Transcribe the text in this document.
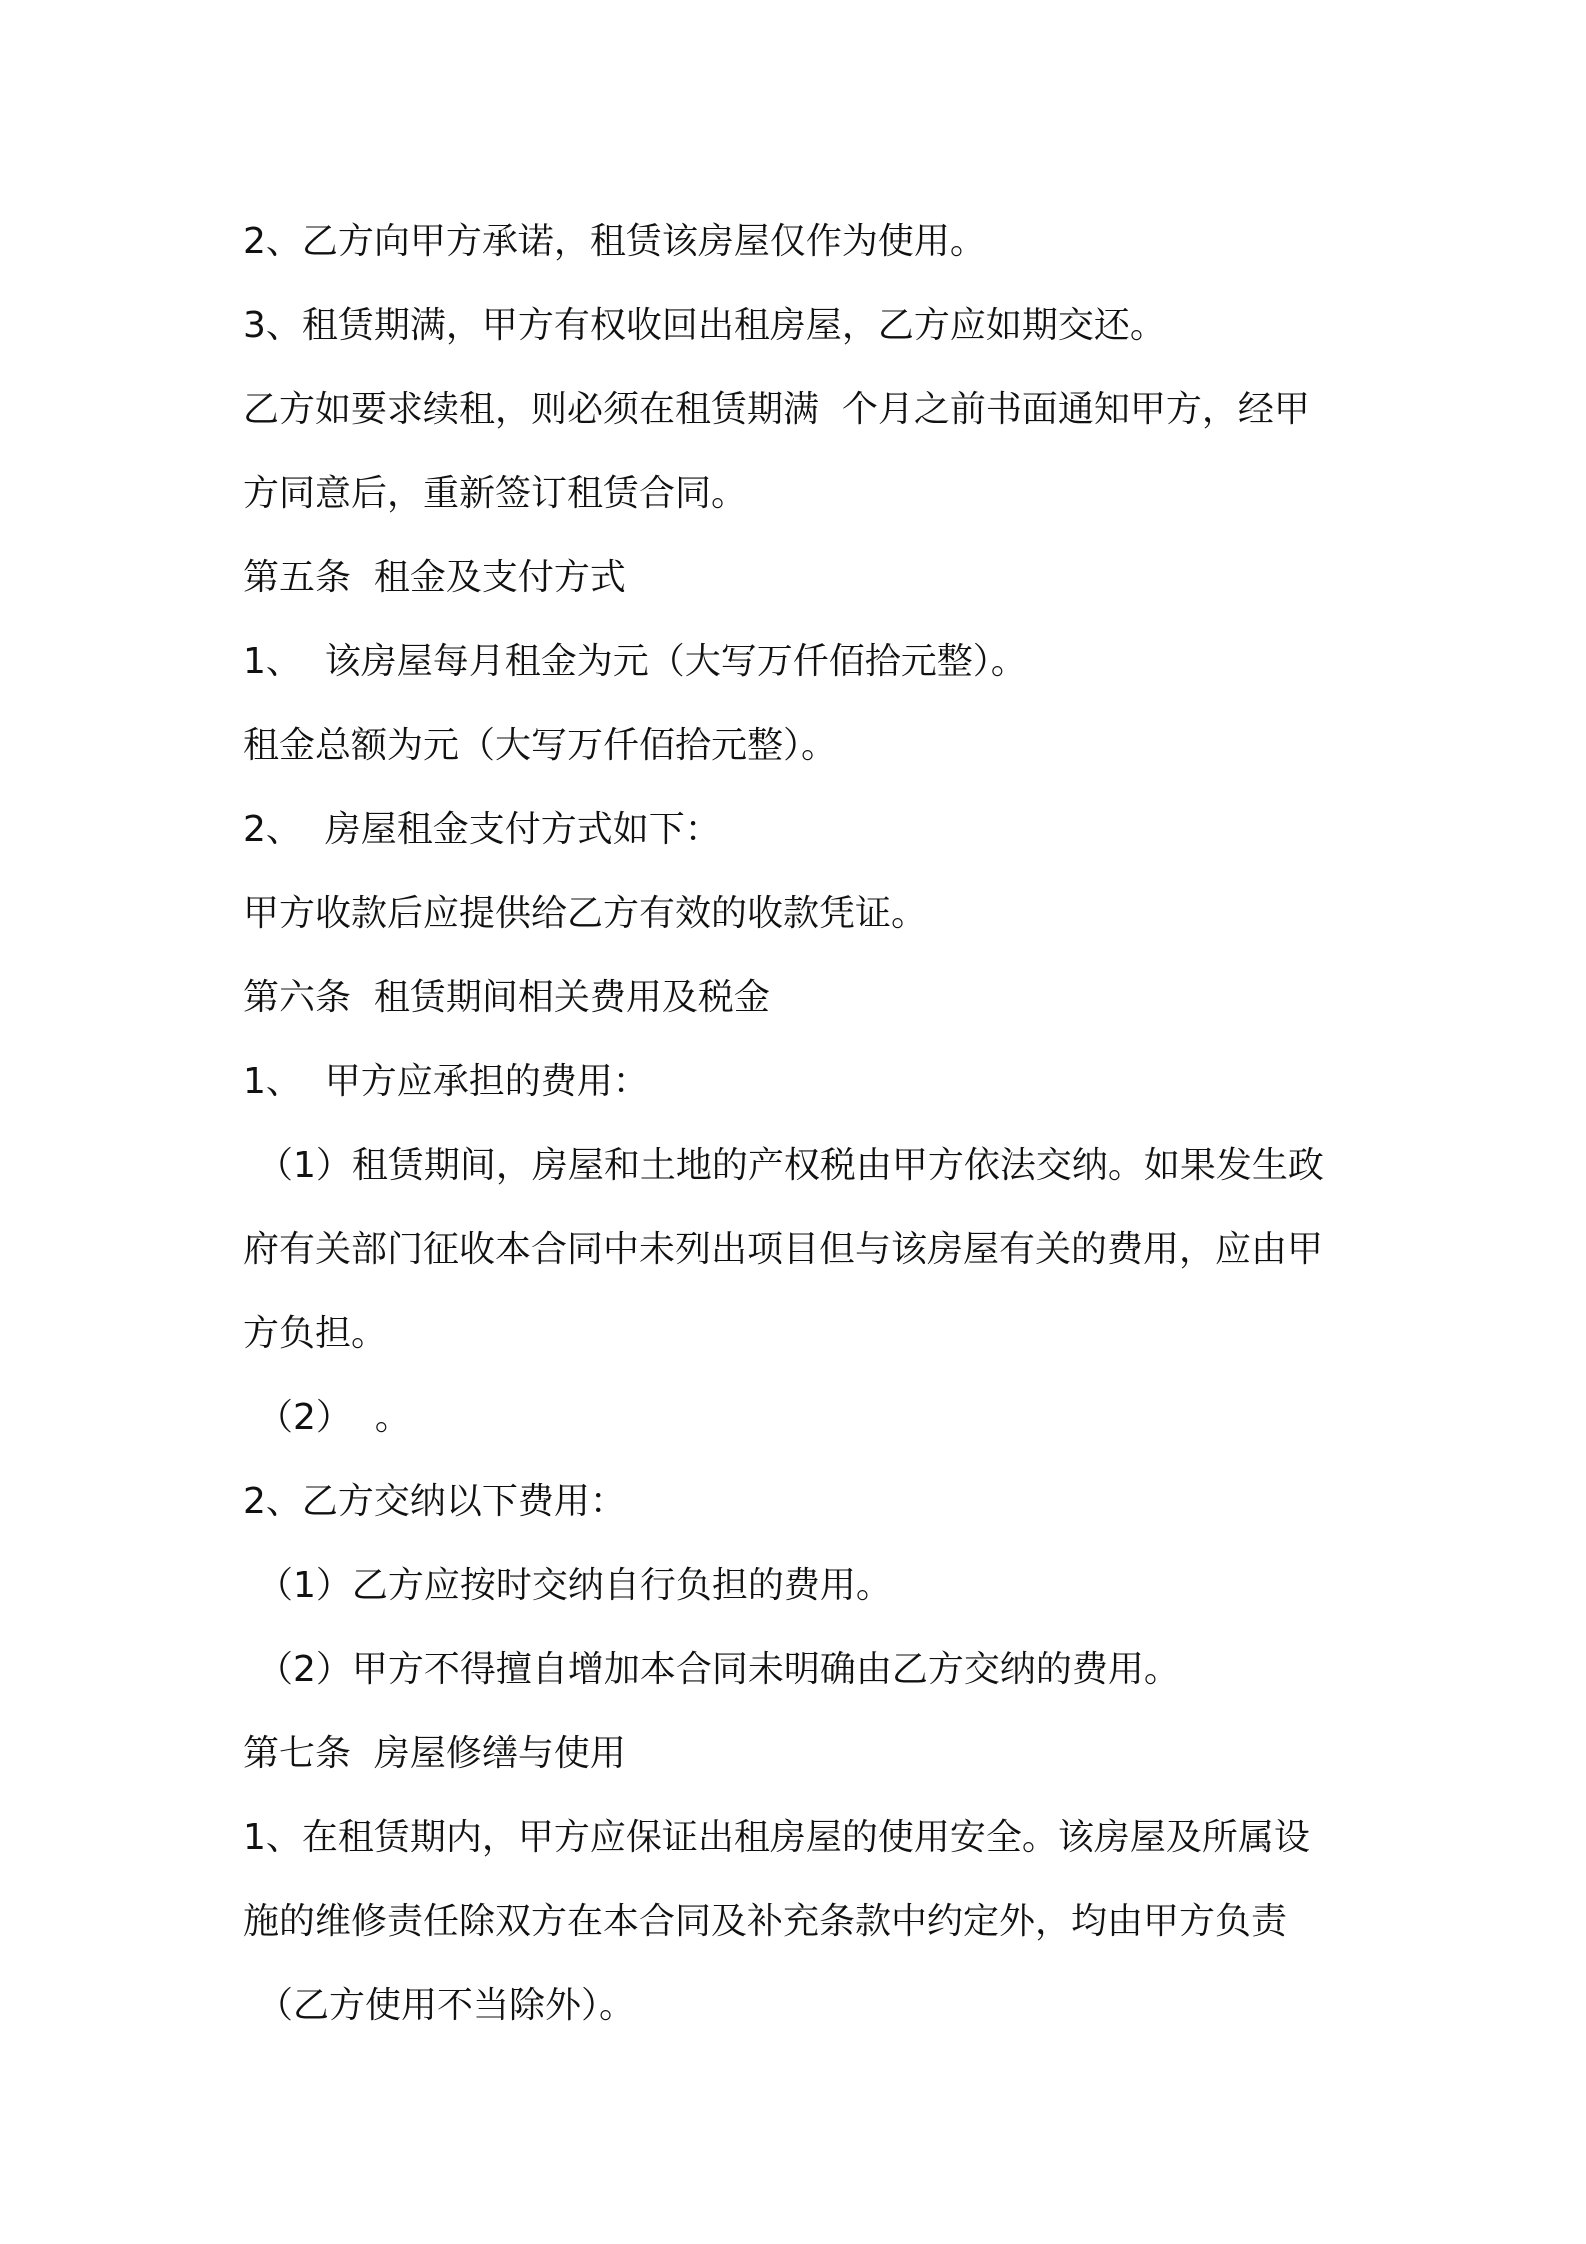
2、乙方向甲方承诺，租赁该房屋仅作为使用。

3、租赁期满，甲方有权收回出租房屋，乙方应如期交还。

乙方如要求续租，则必须在租赁期满  个月之前书面通知甲方，经甲

方同意后，重新签订租赁合同。

第五条  租金及支付方式

1、  该房屋每月租金为元（大写万仟佰拾元整）。

租金总额为元（大写万仟佰拾元整）。

2、  房屋租金支付方式如下：

甲方收款后应提供给乙方有效的收款凭证。

第六条  租赁期间相关费用及税金

1、  甲方应承担的费用：

（1）租赁期间，房屋和土地的产权税由甲方依法交纳。如果发生政

府有关部门征收本合同中未列出项目但与该房屋有关的费用，应由甲

方负担。

（2）  。

2、乙方交纳以下费用：

（1）乙方应按时交纳自行负担的费用。

（2）甲方不得擅自增加本合同未明确由乙方交纳的费用。

第七条  房屋修缮与使用

1、在租赁期内，甲方应保证出租房屋的使用安全。该房屋及所属设

施的维修责任除双方在本合同及补充条款中约定外，均由甲方负责

（乙方使用不当除外）。
